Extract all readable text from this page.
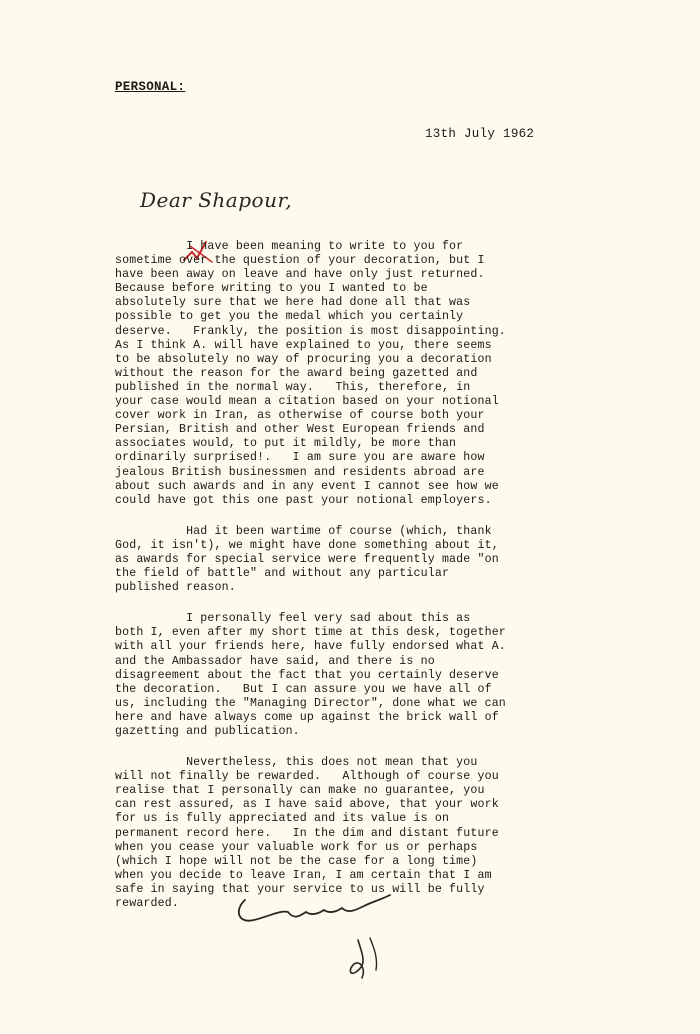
PERSONAL:
13th July 1962
Dear Shapour,
I have been meaning to write to you for
sometime over the question of your decoration, but I
have been away on leave and have only just returned.
Because before writing to you I wanted to be
absolutely sure that we here had done all that was
possible to get you the medal which you certainly
deserve.   Frankly, the position is most disappointing.
As I think A. will have explained to you, there seems
to be absolutely no way of procuring you a decoration
without the reason for the award being gazetted and
published in the normal way.   This, therefore, in
your case would mean a citation based on your notional
cover work in Iran, as otherwise of course both your
Persian, British and other West European friends and
associates would, to put it mildly, be more than
ordinarily surprised!.   I am sure you are aware how
jealous British businessmen and residents abroad are
about such awards and in any event I cannot see how we
could have got this one past your notional employers.
Had it been wartime of course (which, thank
God, it isn't), we might have done something about it,
as awards for special service were frequently made "on
the field of battle" and without any particular
published reason.
I personally feel very sad about this as
both I, even after my short time at this desk, together
with all your friends here, have fully endorsed what A.
and the Ambassador have said, and there is no
disagreement about the fact that you certainly deserve
the decoration.   But I can assure you we have all of
us, including the "Managing Director", done what we can
here and have always come up against the brick wall of
gazetting and publication.
Nevertheless, this does not mean that you
will not finally be rewarded.   Although of course you
realise that I personally can make no guarantee, you
can rest assured, as I have said above, that your work
for us is fully appreciated and its value is on
permanent record here.   In the dim and distant future
when you cease your valuable work for us or perhaps
(which I hope will not be the case for a long time)
when you decide to leave Iran, I am certain that I am
safe in saying that your service to us will be fully
rewarded.
